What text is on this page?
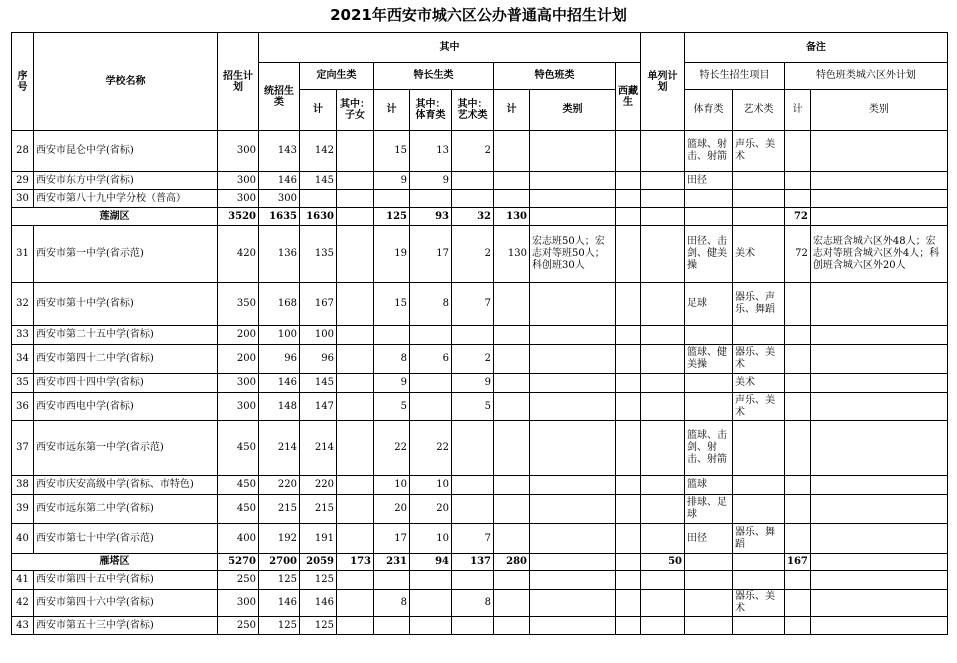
2021年西安市城六区公办普通高中招生计划
序号	学校名称	招生计划	其中									单列计划	备注			
			统招生类	定向生类		特长生类			特色班类		西藏生		特长生招生项目		特色班类城六区外计划	
				计	其中：子女	计	其中：体育类	其中：艺术类	计	类别			体育类	艺术类	计	类别
28	西安市昆仑中学(省标)	300	143	142		15	13	2					篮球、射击、射箭	声乐、美术		
29	西安市东方中学(省标)	300	146	145		9	9						田径			
30	西安市第八十九中学分校（普高）	300	300													
莲湖区		3520	1635	1630		125	93	32	130						72	
31	西安市第一中学(省示范)	420	136	135		19	17	2	130	宏志班50人；宏志对等班50人；科创班30人			田径、击剑、健美操	美术	72	宏志班含城六区外48人；宏志对等班含城六区外4人；科创班含城六区外20人
32	西安市第十中学(省标)	350	168	167		15	8	7					足球	器乐、声乐、舞蹈		
33	西安市第二十五中学(省标)	200	100	100												
34	西安市第四十二中学(省标)	200	96	96		8	6	2					篮球、健美操	器乐、美术		
35	西安市四十四中学(省标)	300	146	145		9		9						美术		
36	西安市西电中学(省标)	300	148	147		5		5						声乐、美术		
37	西安市远东第一中学(省示范)	450	214	214		22	22						篮球、击剑、射击、射箭			
38	西安市庆安高级中学(省标、市特色)	450	220	220		10	10						篮球			
39	西安市远东第二中学(省标)	450	215	215		20	20						排球、足球			
40	西安市第七十中学(省示范)	400	192	191		17	10	7					田径	器乐、舞蹈		
雁塔区		5270	2700	2059	173	231	94	137	280			50			167	
41	西安市第四十五中学(省标)	250	125	125												
42	西安市第四十六中学(省标)	300	146	146		8		8						器乐、美术		
43	西安市第五十三中学(省标)	250	125	125												
